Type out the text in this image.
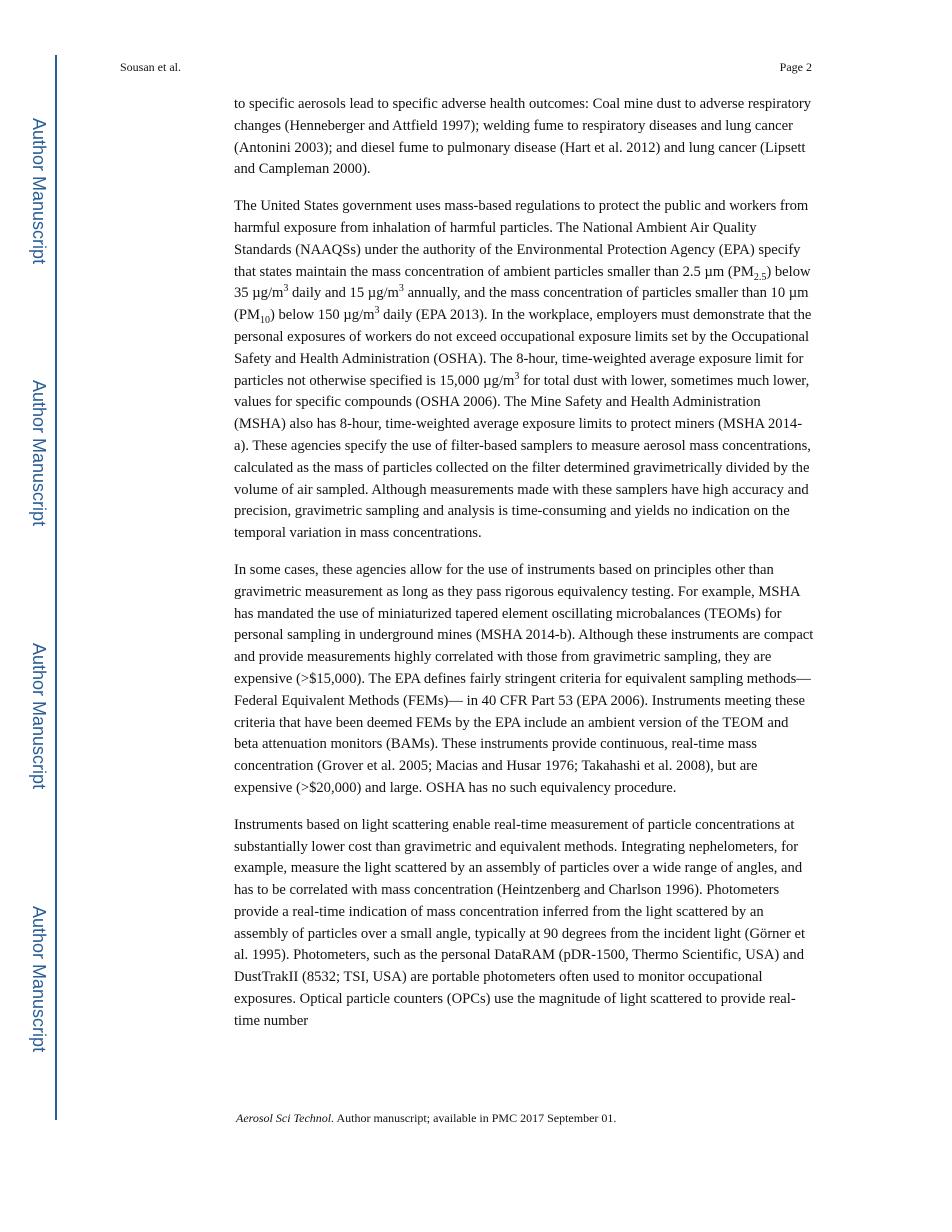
Author Manuscript
Author Manuscript
Author Manuscript
Author Manuscript
Sousan et al.	Page 2

to specific aerosols lead to specific adverse health outcomes: Coal mine dust to adverse respiratory changes (Henneberger and Attfield 1997); welding fume to respiratory diseases and lung cancer (Antonini 2003); and diesel fume to pulmonary disease (Hart et al. 2012) and lung cancer (Lipsett and Campleman 2000).

The United States government uses mass-based regulations to protect the public and workers from harmful exposure from inhalation of harmful particles. The National Ambient Air Quality Standards (NAAQSs) under the authority of the Environmental Protection Agency (EPA) specify that states maintain the mass concentration of ambient particles smaller than 2.5 µm $(PM_{2.5})$ below 35 $\mu g/m^3$ daily and 15 $\mu g/m^3$ annually, and the mass concentration of particles smaller than 10 µm $(PM_{10})$ below 150 $\mu g/m^3$ daily (EPA 2013). In the workplace, employers must demonstrate that the personal exposures of workers do not exceed occupational exposure limits set by the Occupational Safety and Health Administration (OSHA). The 8-hour, time-weighted average exposure limit for particles not otherwise specified is 15,000 $\mu g/m^3$ for total dust with lower, sometimes much lower, values for specific compounds (OSHA 2006). The Mine Safety and Health Administration (MSHA) also has 8-hour, time-weighted average exposure limits to protect miners (MSHA 2014-a). These agencies specify the use of filter-based samplers to measure aerosol mass concentrations, calculated as the mass of particles collected on the filter determined gravimetrically divided by the volume of air sampled. Although measurements made with these samplers have high accuracy and precision, gravimetric sampling and analysis is time-consuming and yields no indication on the temporal variation in mass concentrations.

In some cases, these agencies allow for the use of instruments based on principles other than gravimetric measurement as long as they pass rigorous equivalency testing. For example, MSHA has mandated the use of miniaturized tapered element oscillating microbalances (TEOMs) for personal sampling in underground mines (MSHA 2014-b). Although these instruments are compact and provide measurements highly correlated with those from gravimetric sampling, they are expensive (>$15,000). The EPA defines fairly stringent criteria for equivalent sampling methods—Federal Equivalent Methods (FEMs)— in 40 CFR Part 53 (EPA 2006). Instruments meeting these criteria that have been deemed FEMs by the EPA include an ambient version of the TEOM and beta attenuation monitors (BAMs). These instruments provide continuous, real-time mass concentration (Grover et al. 2005; Macias and Husar 1976; Takahashi et al. 2008), but are expensive (>$20,000) and large. OSHA has no such equivalency procedure.

Instruments based on light scattering enable real-time measurement of particle concentrations at substantially lower cost than gravimetric and equivalent methods. Integrating nephelometers, for example, measure the light scattered by an assembly of particles over a wide range of angles, and has to be correlated with mass concentration (Heintzenberg and Charlson 1996). Photometers provide a real-time indication of mass concentration inferred from the light scattered by an assembly of particles over a small angle, typically at 90 degrees from the incident light (Görner et al. 1995). Photometers, such as the personal DataRAM (pDR-1500, Thermo Scientific, USA) and DustTrakII (8532; TSI, USA) are portable photometers often used to monitor occupational exposures. Optical particle counters (OPCs) use the magnitude of light scattered to provide real-time number

Aerosol Sci Technol. Author manuscript; available in PMC 2017 September 01.
